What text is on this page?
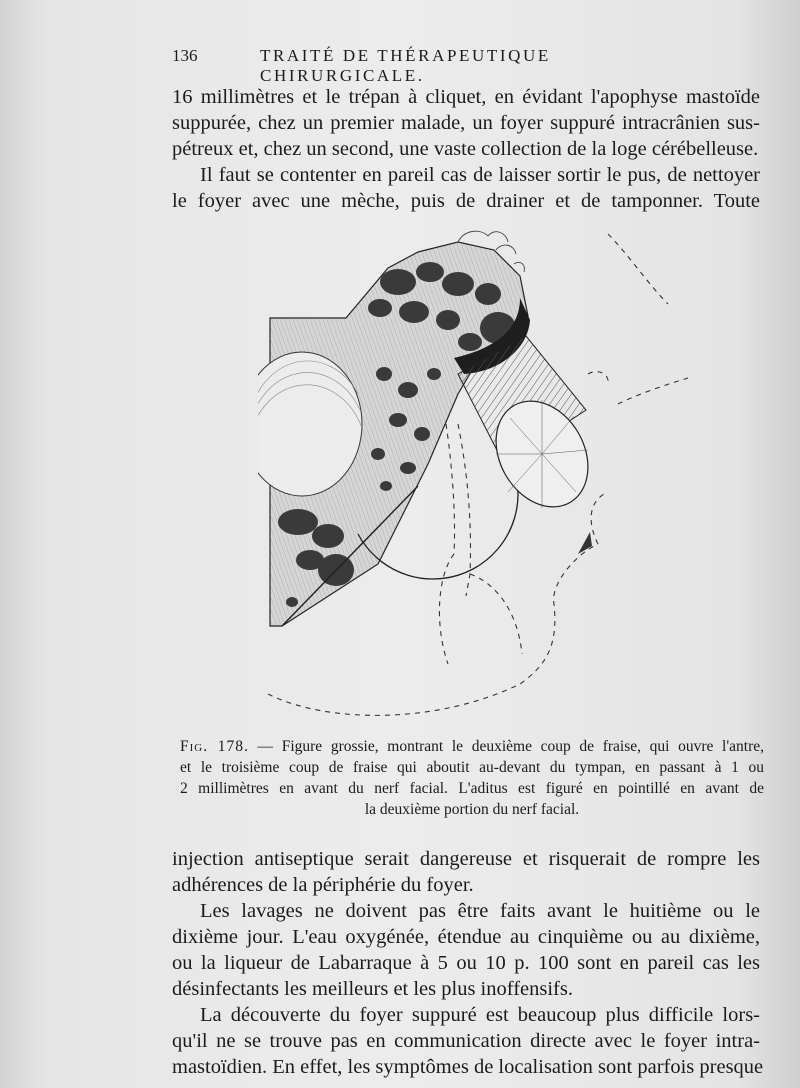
136	TRAITÉ DE THÉRAPEUTIQUE CHIRURGICALE.
16 millimètres et le trépan à cliquet, en évidant l'apophyse mastoïde
suppurée, chez un premier malade, un foyer suppuré intracrânien sus-
pétreux et, chez un second, une vaste collection de la loge cérébelleuse.
Il faut se contenter en pareil cas de laisser sortir le pus, de nettoyer
le foyer avec une mèche, puis de drainer et de tamponner. Toute
Fig. 178. — Figure grossie, montrant le deuxième coup de fraise, qui ouvre l'antre,
et le troisième coup de fraise qui aboutit au-devant du tympan, en passant à 1 ou
2 millimètres en avant du nerf facial. L'aditus est figuré en pointillé en avant de
la deuxième portion du nerf facial.
injection antiseptique serait dangereuse et risquerait de rompre les
adhérences de la périphérie du foyer.
Les lavages ne doivent pas être faits avant le huitième ou le
dixième jour. L'eau oxygénée, étendue au cinquième ou au dixième,
ou la liqueur de Labarraque à 5 ou 10 p. 100 sont en pareil cas les
désinfectants les meilleurs et les plus inoffensifs.
La découverte du foyer suppuré est beaucoup plus difficile lors-
qu'il ne se trouve pas en communication directe avec le foyer intra-
mastoïdien. En effet, les symptômes de localisation sont parfois presque
